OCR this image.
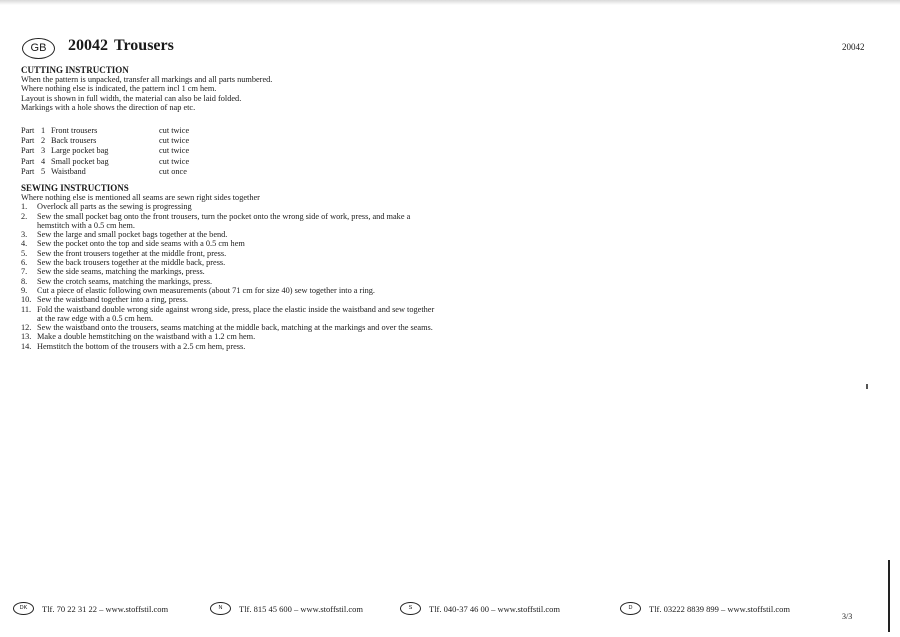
GB	20042 Trousers	20042
CUTTING INSTRUCTION
When the pattern is unpacked, transfer all markings and all parts numbered.
Where nothing else is indicated, the pattern incl 1 cm hem.
Layout is shown in full width, the material can also be laid folded.
Markings with a hole shows the direction of nap etc.
Part 1 Front trousers	cut twice
Part 2 Back trousers	cut twice
Part 3 Large pocket bag	cut twice
Part 4 Small pocket bag	cut twice
Part 5 Waistband	cut once
SEWING INSTRUCTIONS
Where nothing else is mentioned all seams are sewn right sides together
1. Overlock all parts as the sewing is progressing
2. Sew the small pocket bag onto the front trousers, turn the pocket onto the wrong side of work, press, and make a hemstitch with a 0.5 cm hem.
3. Sew the large and small pocket bags together at the bend.
4. Sew the pocket onto the top and side seams with a 0.5 cm hem
5. Sew the front trousers together at the middle front, press.
6. Sew the back trousers together at the middle back, press.
7. Sew the side seams, matching the markings, press.
8. Sew the crotch seams, matching the markings, press.
9. Cut a piece of elastic following own measurements (about 71 cm for size 40) sew together into a ring.
10. Sew the waistband together into a ring, press.
11. Fold the waistband double wrong side against wrong side, press, place the elastic inside the waistband and sew together at the raw edge with a 0.5 cm hem.
12. Sew the waistband onto the trousers, seams matching at the middle back, matching at the markings and over the seams.
13. Make a double hemstitching on the waistband with a 1.2 cm hem.
14. Hemstitch the bottom of the trousers with a 2.5 cm hem, press.
DK	Tlf. 70 22 31 22 – www.stoffstil.com	N	Tlf. 815 45 600 – www.stoffstil.com	S	Tlf. 040-37 46 00 – www.stoffstil.com	D	Tlf. 03222 8839 899 – www.stoffstil.com
3/3
